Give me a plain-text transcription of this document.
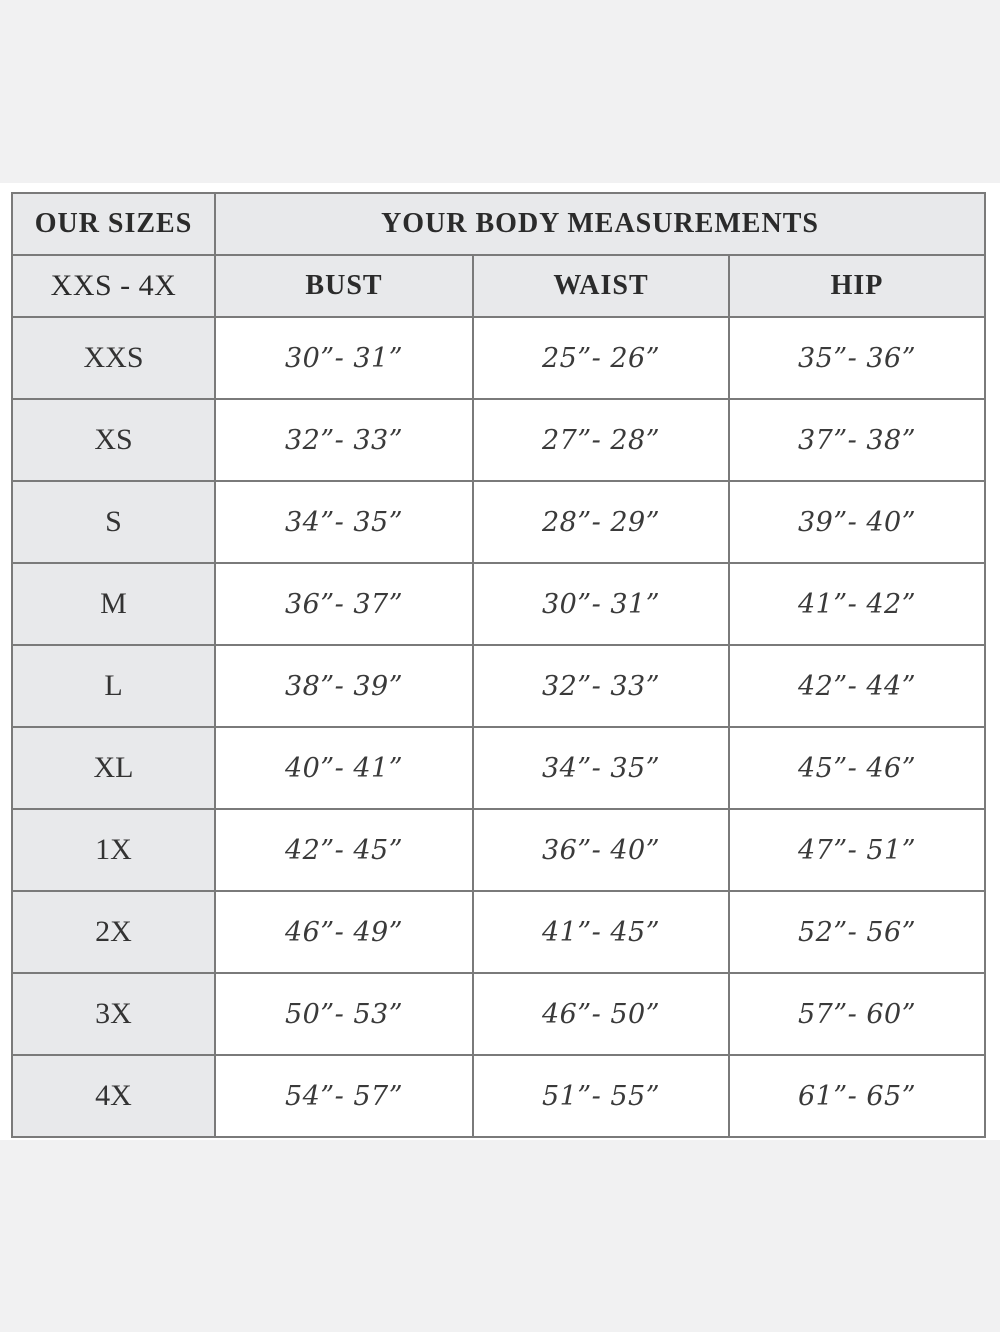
OUR SIZES	YOUR BODY MEASUREMENTS		
XXS - 4X	BUST	WAIST	HIP
XXS	30”- 31”	25”- 26”	35”- 36”
XS	32”- 33”	27”- 28”	37”- 38”
S	34”- 35”	28”- 29”	39”- 40”
M	36”- 37”	30”- 31”	41”- 42”
L	38”- 39”	32”- 33”	42”- 44”
XL	40”- 41”	34”- 35”	45”- 46”
1X	42”- 45”	36”- 40”	47”- 51”
2X	46”- 49”	41”- 45”	52”- 56”
3X	50”- 53”	46”- 50”	57”- 60”
4X	54”- 57”	51”- 55”	61”- 65”
